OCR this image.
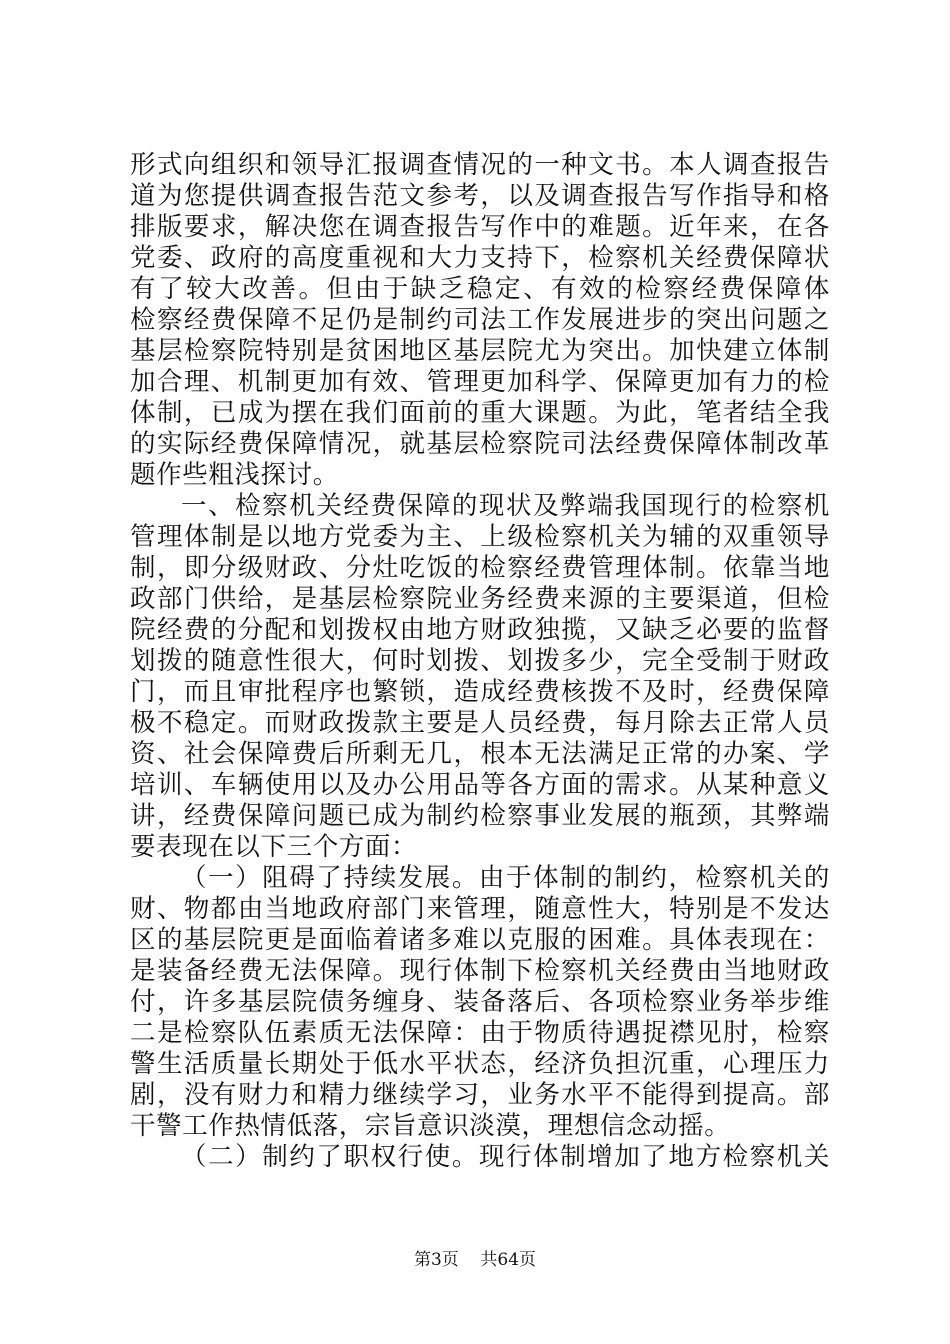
形式向组织和领导汇报调查情况的一种文书。本人调查报告
道为您提供调查报告范文参考，以及调查报告写作指导和格
排版要求，解决您在调查报告写作中的难题。近年来，在各
党委、政府的高度重视和大力支持下，检察机关经费保障状
有了较大改善。但由于缺乏稳定、有效的检察经费保障体
检察经费保障不足仍是制约司法工作发展进步的突出问题之
基层检察院特别是贫困地区基层院尤为突出。加快建立体制
加合理、机制更加有效、管理更加科学、保障更加有力的检
体制，已成为摆在我们面前的重大课题。为此，笔者结全我
的实际经费保障情况，就基层检察院司法经费保障体制改革
题作些粗浅探讨。
一、检察机关经费保障的现状及弊端我国现行的检察机
管理体制是以地方党委为主、上级检察机关为辅的双重领导
制，即分级财政、分灶吃饭的检察经费管理体制。依靠当地
政部门供给，是基层检察院业务经费来源的主要渠道，但检
院经费的分配和划拨权由地方财政独揽，又缺乏必要的监督
划拨的随意性很大，何时划拨、划拨多少，完全受制于财政
门，而且审批程序也繁锁，造成经费核拨不及时，经费保障
极不稳定。而财政拨款主要是人员经费，每月除去正常人员
资、社会保障费后所剩无几，根本无法满足正常的办案、学
培训、车辆使用以及办公用品等各方面的需求。从某种意义
讲，经费保障问题已成为制约检察事业发展的瓶颈，其弊端
要表现在以下三个方面：
（一）阻碍了持续发展。由于体制的制约，检察机关的
财、物都由当地政府部门来管理，随意性大，特别是不发达
区的基层院更是面临着诸多难以克服的困难。具体表现在：
是装备经费无法保障。现行体制下检察机关经费由当地财政
付，许多基层院债务缠身、装备落后、各项检察业务举步维
二是检察队伍素质无法保障：由于物质待遇捉襟见肘，检察
警生活质量长期处于低水平状态，经济负担沉重，心理压力
剧，没有财力和精力继续学习，业务水平不能得到提高。部
干警工作热情低落，宗旨意识淡漠，理想信念动摇。
（二）制约了职权行使。现行体制增加了地方检察机关
第3页 共64页
